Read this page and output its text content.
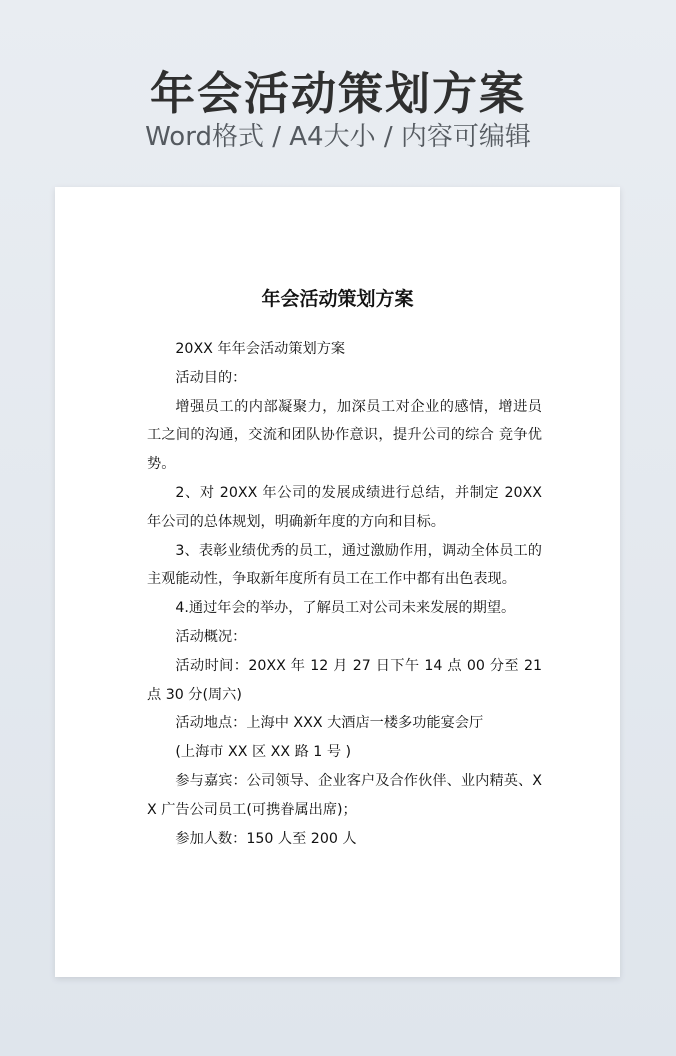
年会活动策划方案
Word格式 / A4大小 / 内容可编辑
年会活动策划方案

20XX 年年会活动策划方案

活动目的：

增强员工的内部凝聚力，加深员工对企业的感情，增进员工之间的沟通，交流和团队协作意识，提升公司的综合 竞争优势。

2、对 20XX 年公司的发展成绩进行总结，并制定 20XX 年公司的总体规划，明确新年度的方向和目标。

3、表彰业绩优秀的员工，通过激励作用，调动全体员工的主观能动性，争取新年度所有员工在工作中都有出色表现。

4.通过年会的举办，了解员工对公司未来发展的期望。

活动概况：

活动时间：20XX 年 12 月 27 日下午 14 点 00 分至 21 点 30 分(周六)

活动地点：上海中 XXX 大酒店一楼多功能宴会厅

(上海市 XX 区 XX 路 1 号 )

参与嘉宾：公司领导、企业客户及合作伙伴、业内精英、XX 广告公司员工(可携眷属出席)；

参加人数：150 人至 200 人
